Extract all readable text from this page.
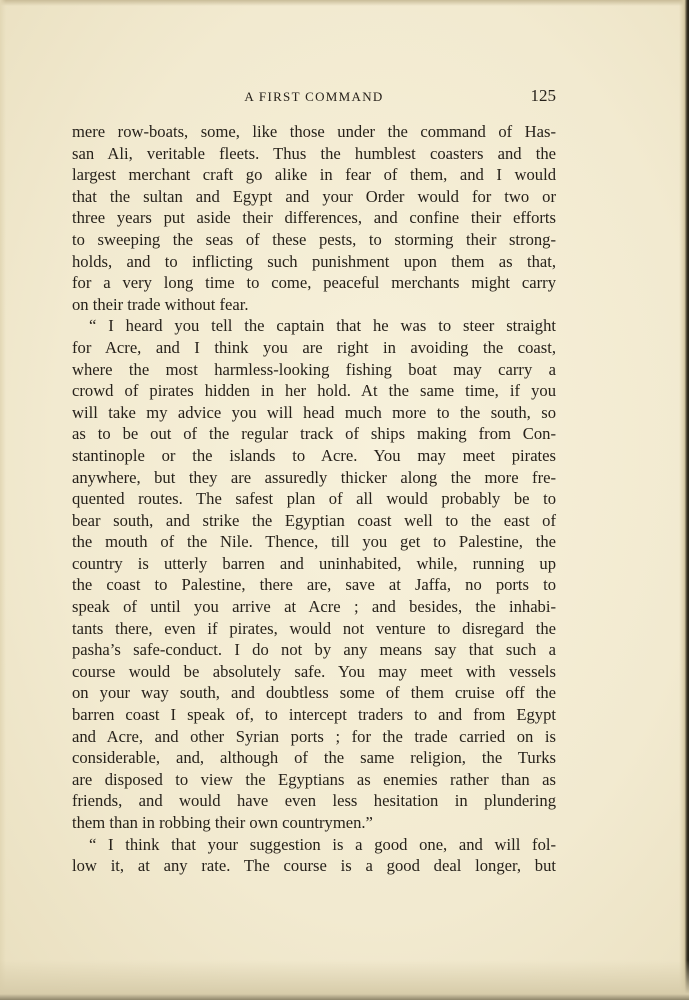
A FIRST COMMAND	125
mere row-boats, some, like those under the command of Has-
san Ali, veritable fleets. Thus the humblest coasters and the
largest merchant craft go alike in fear of them, and I would
that the sultan and Egypt and your Order would for two or
three years put aside their differences, and confine their efforts
to sweeping the seas of these pests, to storming their strong-
holds, and to inflicting such punishment upon them as that,
for a very long time to come, peaceful merchants might carry
on their trade without fear.
“ I heard you tell the captain that he was to steer straight
for Acre, and I think you are right in avoiding the coast,
where the most harmless-looking fishing boat may carry a
crowd of pirates hidden in her hold. At the same time, if you
will take my advice you will head much more to the south, so
as to be out of the regular track of ships making from Con-
stantinople or the islands to Acre. You may meet pirates
anywhere, but they are assuredly thicker along the more fre-
quented routes. The safest plan of all would probably be to
bear south, and strike the Egyptian coast well to the east of
the mouth of the Nile. Thence, till you get to Palestine, the
country is utterly barren and uninhabited, while, running up
the coast to Palestine, there are, save at Jaffa, no ports to
speak of until you arrive at Acre ; and besides, the inhabi-
tants there, even if pirates, would not venture to disregard the
pasha’s safe-conduct. I do not by any means say that such a
course would be absolutely safe. You may meet with vessels
on your way south, and doubtless some of them cruise off the
barren coast I speak of, to intercept traders to and from Egypt
and Acre, and other Syrian ports ; for the trade carried on is
considerable, and, although of the same religion, the Turks
are disposed to view the Egyptians as enemies rather than as
friends, and would have even less hesitation in plundering
them than in robbing their own countrymen.”
“ I think that your suggestion is a good one, and will fol-
low it, at any rate. The course is a good deal longer, but
